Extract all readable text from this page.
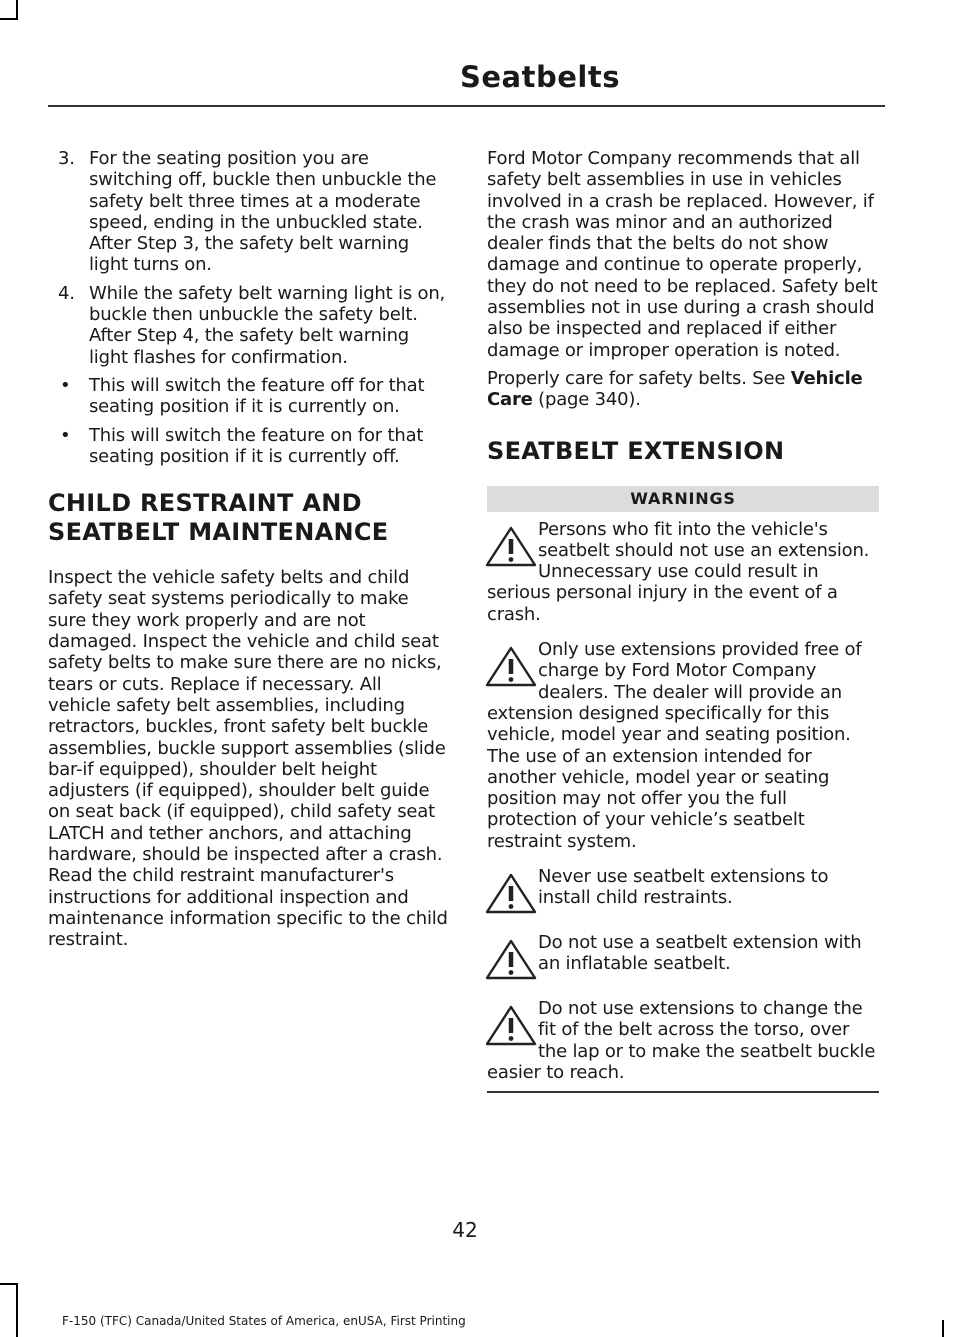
Seatbelts
3. For the seating position you are switching off, buckle then unbuckle the safety belt three times at a moderate speed, ending in the unbuckled state. After Step 3, the safety belt warning light turns on.
4. While the safety belt warning light is on, buckle then unbuckle the safety belt. After Step 4, the safety belt warning light flashes for confirmation.
• This will switch the feature off for that seating position if it is currently on.
• This will switch the feature on for that seating position if it is currently off.
CHILD RESTRAINT AND
SEATBELT MAINTENANCE

Inspect the vehicle safety belts and child safety seat systems periodically to make sure they work properly and are not damaged. Inspect the vehicle and child seat safety belts to make sure there are no nicks, tears or cuts. Replace if necessary. All vehicle safety belt assemblies, including retractors, buckles, front safety belt buckle assemblies, buckle support assemblies (slide bar-if equipped), shoulder belt height adjusters (if equipped), shoulder belt guide on seat back (if equipped), child safety seat LATCH and tether anchors, and attaching hardware, should be inspected after a crash. Read the child restraint manufacturer's instructions for additional inspection and maintenance information specific to the child restraint.

Ford Motor Company recommends that all safety belt assemblies in use in vehicles involved in a crash be replaced. However, if the crash was minor and an authorized dealer finds that the belts do not show damage and continue to operate properly, they do not need to be replaced. Safety belt assemblies not in use during a crash should also be inspected and replaced if either damage or improper operation is noted.

Properly care for safety belts. See Vehicle Care (page 340).

SEATBELT EXTENSION
WARNINGS
Persons who fit into the vehicle's seatbelt should not use an extension. Unnecessary use could result in serious personal injury in the event of a crash.
Only use extensions provided free of charge by Ford Motor Company dealers. The dealer will provide an extension designed specifically for this vehicle, model year and seating position. The use of an extension intended for another vehicle, model year or seating position may not offer you the full protection of your vehicle’s seatbelt restraint system.
Never use seatbelt extensions to install child restraints.
Do not use a seatbelt extension with an inflatable seatbelt.
Do not use extensions to change the fit of the belt across the torso, over the lap or to make the seatbelt buckle easier to reach.
42
F-150 (TFC) Canada/United States of America, enUSA, First Printing
